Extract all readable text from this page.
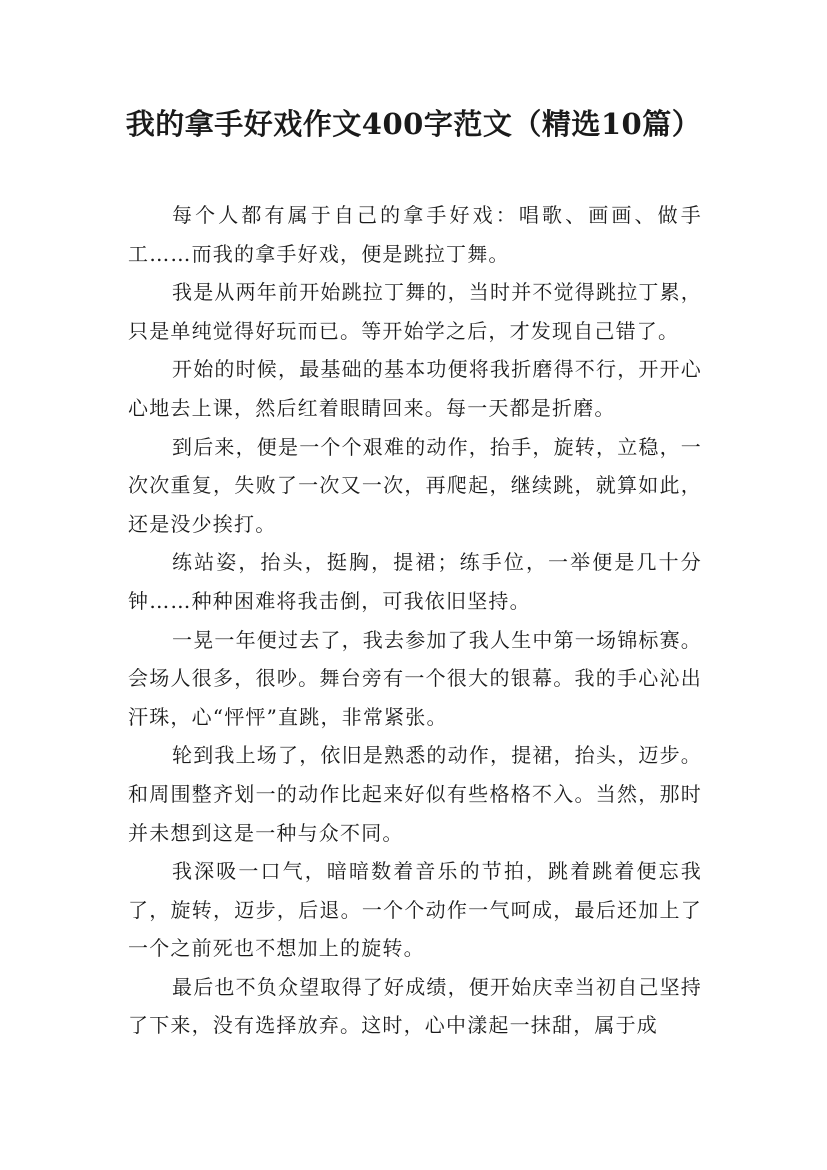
我的拿手好戏作文400字范文（精选10篇）

每个人都有属于自己的拿手好戏：唱歌、画画、做手工……而我的拿手好戏，便是跳拉丁舞。

我是从两年前开始跳拉丁舞的，当时并不觉得跳拉丁累，只是单纯觉得好玩而已。等开始学之后，才发现自己错了。

开始的时候，最基础的基本功便将我折磨得不行，开开心心地去上课，然后红着眼睛回来。每一天都是折磨。

到后来，便是一个个艰难的动作，抬手，旋转，立稳，一次次重复，失败了一次又一次，再爬起，继续跳，就算如此，还是没少挨打。

练站姿，抬头，挺胸，提裙；练手位，一举便是几十分钟……种种困难将我击倒，可我依旧坚持。

一晃一年便过去了，我去参加了我人生中第一场锦标赛。会场人很多，很吵。舞台旁有一个很大的银幕。我的手心沁出汗珠，心“怦怦”直跳，非常紧张。

轮到我上场了，依旧是熟悉的动作，提裙，抬头，迈步。和周围整齐划一的动作比起来好似有些格格不入。当然，那时并未想到这是一种与众不同。

我深吸一口气，暗暗数着音乐的节拍，跳着跳着便忘我了，旋转，迈步，后退。一个个动作一气呵成，最后还加上了一个之前死也不想加上的旋转。

最后也不负众望取得了好成绩，便开始庆幸当初自己坚持了下来，没有选择放弃。这时，心中漾起一抹甜，属于成
